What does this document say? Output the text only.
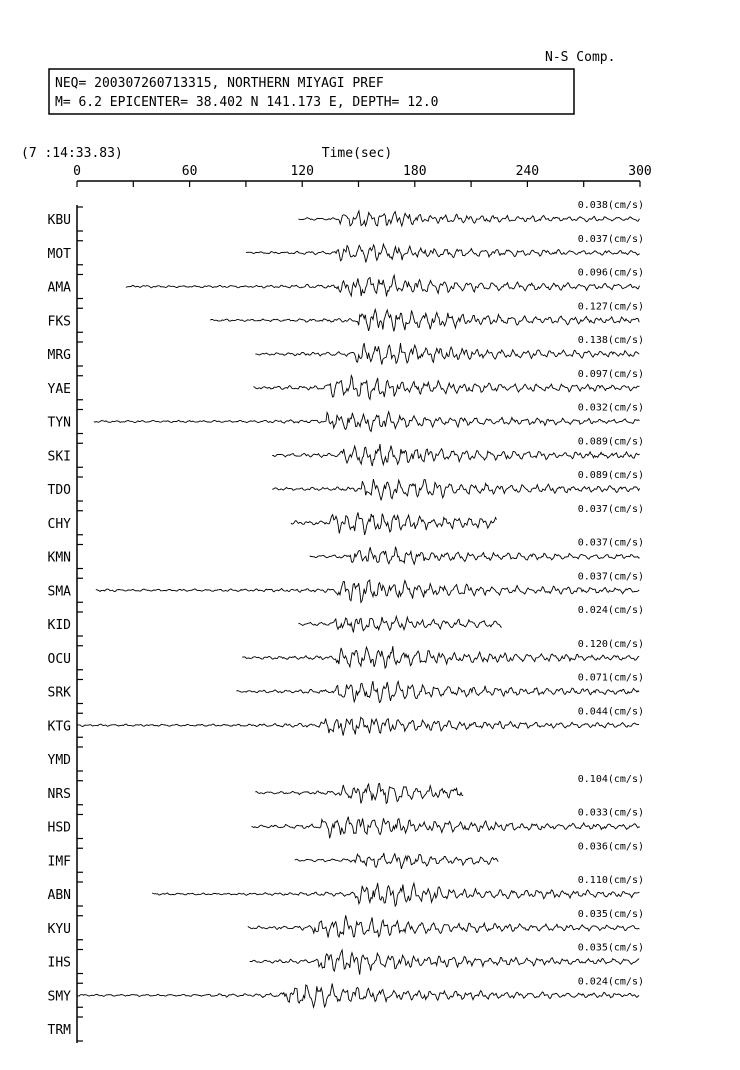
N-S Comp.
NEQ= 200307260713315, NORTHERN MIYAGI PREF
M= 6.2 EPICENTER= 38.402 N 141.173 E, DEPTH= 12.0
(7 :14:33.83)	Time(sec)
0	60	120	180	240	300
KBU
0.038(cm/s)
MOT
0.037(cm/s)
AMA
0.096(cm/s)
FKS
0.127(cm/s)
MRG
0.138(cm/s)
YAE
0.097(cm/s)
TYN
0.032(cm/s)
SKI
0.089(cm/s)
TDO
0.089(cm/s)
CHY
0.037(cm/s)
KMN
0.037(cm/s)
SMA
0.037(cm/s)
KID
0.024(cm/s)
OCU
0.120(cm/s)
SRK
0.071(cm/s)
KTG
0.044(cm/s)
YMD
NRS
0.104(cm/s)
HSD
0.033(cm/s)
IMF
0.036(cm/s)
ABN
0.110(cm/s)
KYU
0.035(cm/s)
IHS
0.035(cm/s)
SMY
0.024(cm/s)
TRM
